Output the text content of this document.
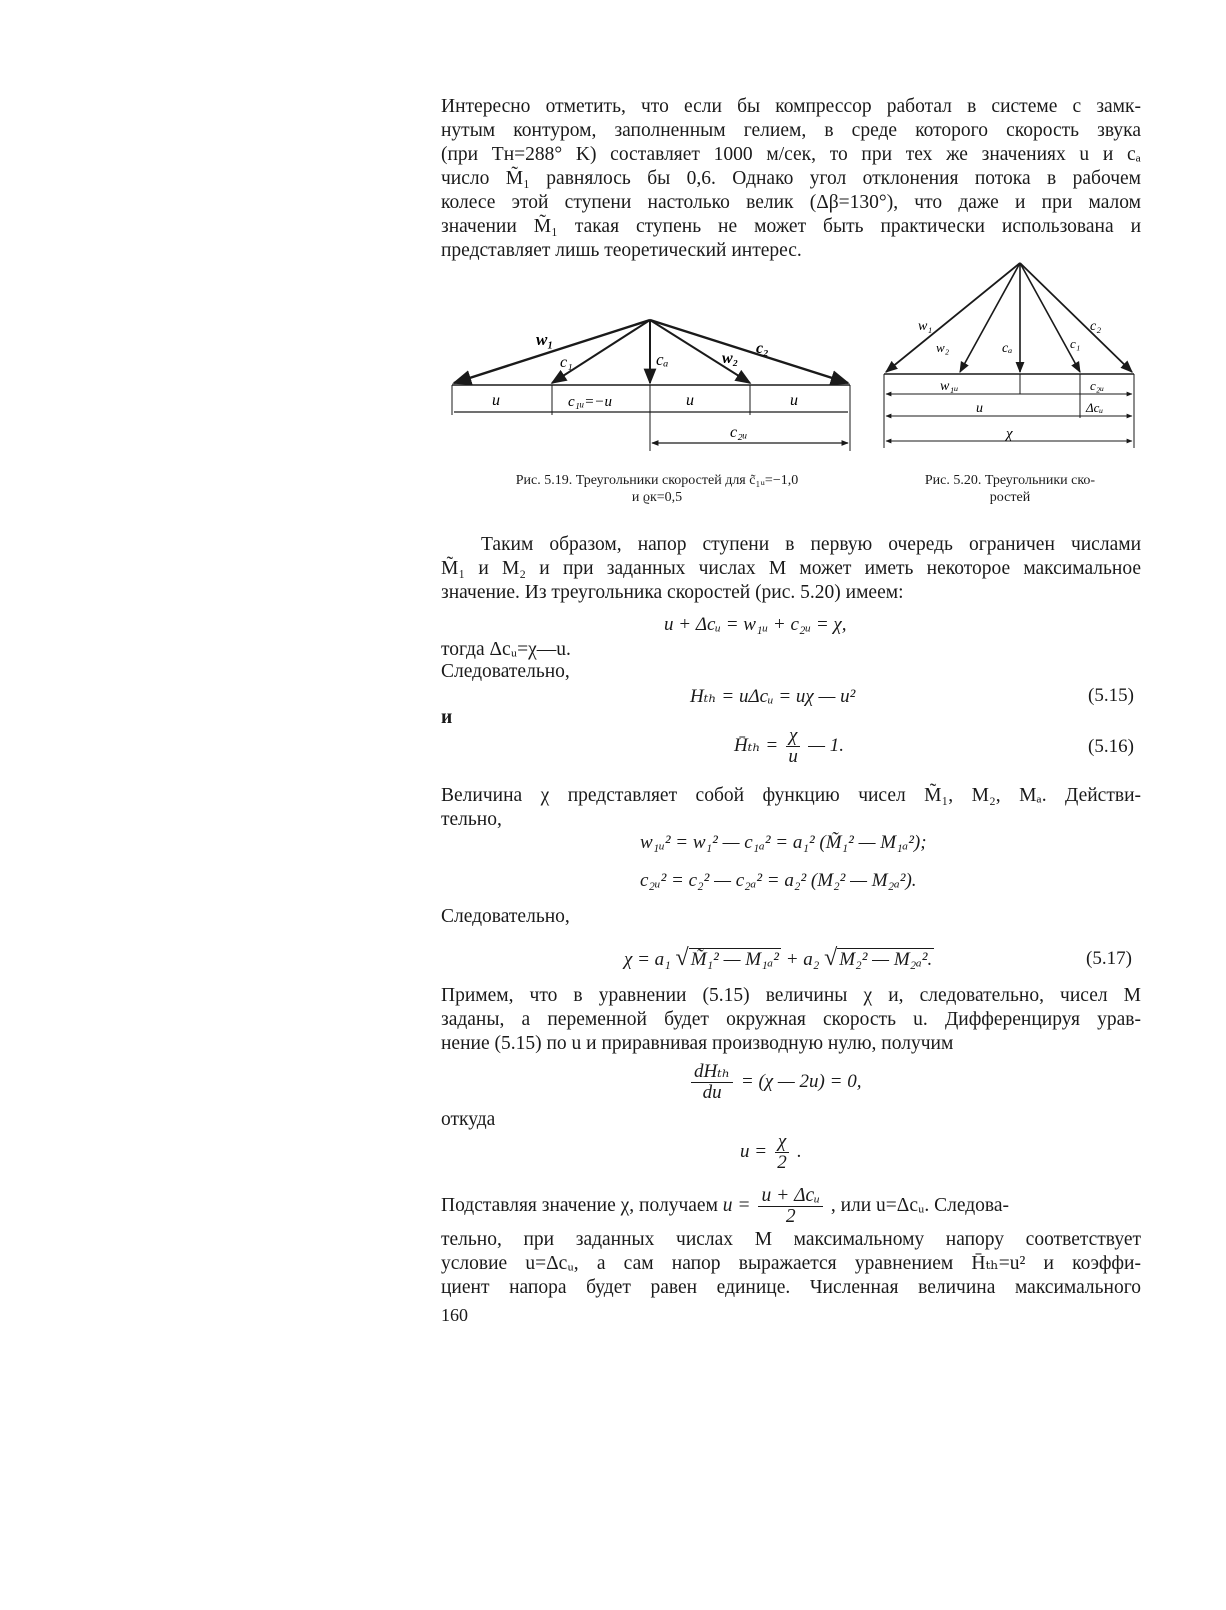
Интересно отметить, что если бы компрессор работал в системе с замк-
нутым контуром, заполненным гелием, в среде которого скорость звука
(при Tн=288° K) составляет 1000 м/сек, то при тех же значениях u и cₐ
число M̃₁ равнялось бы 0,6. Однако угол отклонения потока в рабочем
колесе этой ступени настолько велик (Δβ=130°), что даже и при малом
значении M̃₁ такая ступень не может быть практически использована и
представляет лишь теоретический интерес.
w₁
c₁	cₐ	w₂
c₂
u	c₁ᵤ=−u	u	u
c₂ᵤ
w₁
w₂	cₐ	c₁
c₂
w₁ᵤ	c₂ᵤ
u	Δcᵤ
χ
Рис. 5.19. Треугольники скоростей для c̃₁ᵤ=−1,0
и ϱк=0,5
Рис. 5.20. Треугольники ско-
ростей
Таким образом, напор ступени в первую очередь ограничен числами
M̃₁ и M₂ и при заданных числах M может иметь некоторое максимальное
значение. Из треугольника скоростей (рис. 5.20) имеем:
u + Δcᵤ = w₁ᵤ + c₂ᵤ = χ,
тогда Δcᵤ=χ—u.
Следовательно,
Hₜₕ = uΔcᵤ = uχ — u²	(5.15)
и
H̄ₜₕ = $\frac{\chi}{u}$ — 1.	(5.16)
Величина χ представляет собой функцию чисел M̃₁, M₂, Mₐ. Действи-
тельно,
w₁ᵤ² = w₁² — c₁ₐ² = a₁² (M̃₁² — M₁ₐ²);
c₂ᵤ² = c₂² — c₂ₐ² = a₂² (M₂² — M₂ₐ²).
Следовательно,
χ = a₁ √ M̃₁² — M₁ₐ² + a₂ √ M₂² — M₂ₐ².	(5.17)
Примем, что в уравнении (5.15) величины χ и, следовательно, чисел M
заданы, а переменной будет окружная скорость u. Дифференцируя урав-
нение (5.15) по u и приравнивая производную нулю, получим
$\frac{\text{dHₜₕ}}{du} = (\chi$ — 2u) = 0,
откуда
$u = \frac{\chi}{2}$ .
Подставляя значение χ, получаем $u = \frac{\text{u + Δcᵤ}}{2}$ , или u=Δcᵤ. Следова-
тельно, при заданных числах M максимальному напору соответствует
условие u=Δcᵤ, а сам напор выражается уравнением H̄ₜₕ=u² и коэффи-
циент напора будет равен единице. Численная величина максимального
160
